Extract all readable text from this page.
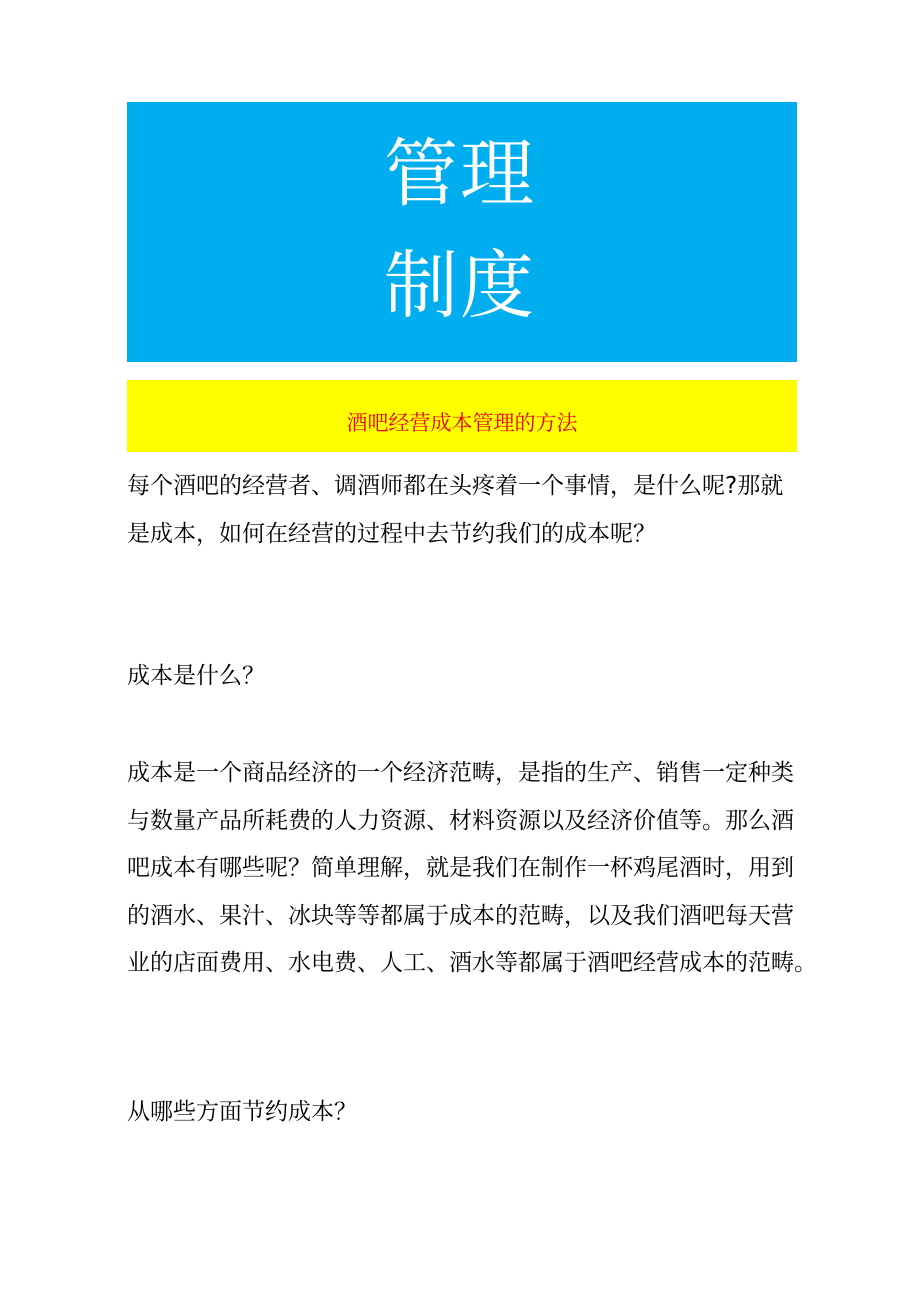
管理
制度
酒吧经营成本管理的方法

每个酒吧的经营者、调酒师都在头疼着一个事情，是什么呢?那就
是成本，如何在经营的过程中去节约我们的成本呢？

成本是什么？

成本是一个商品经济的一个经济范畴，是指的生产、销售一定种类
与数量产品所耗费的人力资源、材料资源以及经济价值等。那么酒
吧成本有哪些呢？简单理解，就是我们在制作一杯鸡尾酒时，用到
的酒水、果汁、冰块等等都属于成本的范畴，以及我们酒吧每天营
业的店面费用、水电费、人工、酒水等都属于酒吧经营成本的范畴。

从哪些方面节约成本？
